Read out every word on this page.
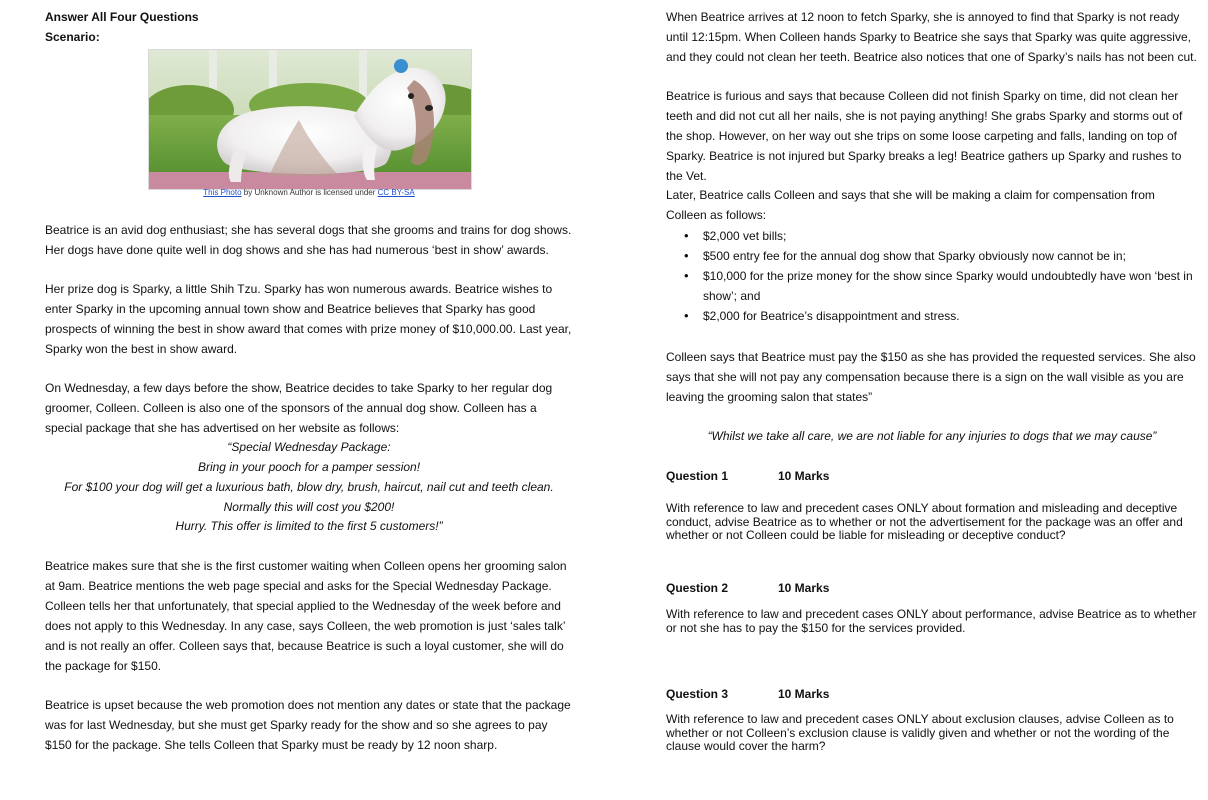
Answer All Four Questions
Scenario:
This Photo by Unknown Author is licensed under CC BY-SA

Beatrice is an avid dog enthusiast; she has several dogs that she grooms and trains for dog shows. Her dogs have done quite well in dog shows and she has had numerous ‘best in show’ awards.

Her prize dog is Sparky, a little Shih Tzu. Sparky has won numerous awards. Beatrice wishes to enter Sparky in the upcoming annual town show and Beatrice believes that Sparky has good prospects of winning the best in show award that comes with prize money of $10,000.00. Last year, Sparky won the best in show award.

On Wednesday, a few days before the show, Beatrice decides to take Sparky to her regular dog groomer, Colleen. Colleen is also one of the sponsors of the annual dog show. Colleen has a special package that she has advertised on her website as follows:

“Special Wednesday Package:
Bring in your pooch for a pamper session!
For $100 your dog will get a luxurious bath, blow dry, brush, haircut, nail cut and teeth clean. Normally this will cost you $200!
Hurry. This offer is limited to the first 5 customers!”

Beatrice makes sure that she is the first customer waiting when Colleen opens her grooming salon at 9am. Beatrice mentions the web page special and asks for the Special Wednesday Package.

Colleen tells her that unfortunately, that special applied to the Wednesday of the week before and does not apply to this Wednesday. In any case, says Colleen, the web promotion is just ‘sales talk’ and is not really an offer. Colleen says that, because Beatrice is such a loyal customer, she will do the package for $150.

Beatrice is upset because the web promotion does not mention any dates or state that the package was for last Wednesday, but she must get Sparky ready for the show and so she agrees to pay $150 for the package. She tells Colleen that Sparky must be ready by 12 noon sharp.

When Beatrice arrives at 12 noon to fetch Sparky, she is annoyed to find that Sparky is not ready until 12:15pm. When Colleen hands Sparky to Beatrice she says that Sparky was quite aggressive, and they could not clean her teeth. Beatrice also notices that one of Sparky’s nails has not been cut.

Beatrice is furious and says that because Colleen did not finish Sparky on time, did not clean her teeth and did not cut all her nails, she is not paying anything! She grabs Sparky and storms out of the shop. However, on her way out she trips on some loose carpeting and falls, landing on top of Sparky. Beatrice is not injured but Sparky breaks a leg! Beatrice gathers up Sparky and rushes to the Vet.

Later, Beatrice calls Colleen and says that she will be making a claim for compensation from Colleen as follows:

• $2,000 vet bills;
• $500 entry fee for the annual dog show that Sparky obviously now cannot be in;
• $10,000 for the prize money for the show since Sparky would undoubtedly have won ‘best in show’; and
• $2,000 for Beatrice’s disappointment and stress.

Colleen says that Beatrice must pay the $150 as she has provided the requested services. She also says that she will not pay any compensation because there is a sign on the wall visible as you are leaving the grooming salon that states”

“Whilst we take all care, we are not liable for any injuries to dogs that we may cause”
Question 1	10 Marks

With reference to law and precedent cases ONLY about formation and misleading and deceptive conduct, advise Beatrice as to whether or not the advertisement for the package was an offer and whether or not Colleen could be liable for misleading or deceptive conduct?

Question 2	10 Marks

With reference to law and precedent cases ONLY about performance, advise Beatrice as to whether or not she has to pay the $150 for the services provided.

Question 3	10 Marks

With reference to law and precedent cases ONLY about exclusion clauses, advise Colleen as to whether or not Colleen’s exclusion clause is validly given and whether or not the wording of the clause would cover the harm?
